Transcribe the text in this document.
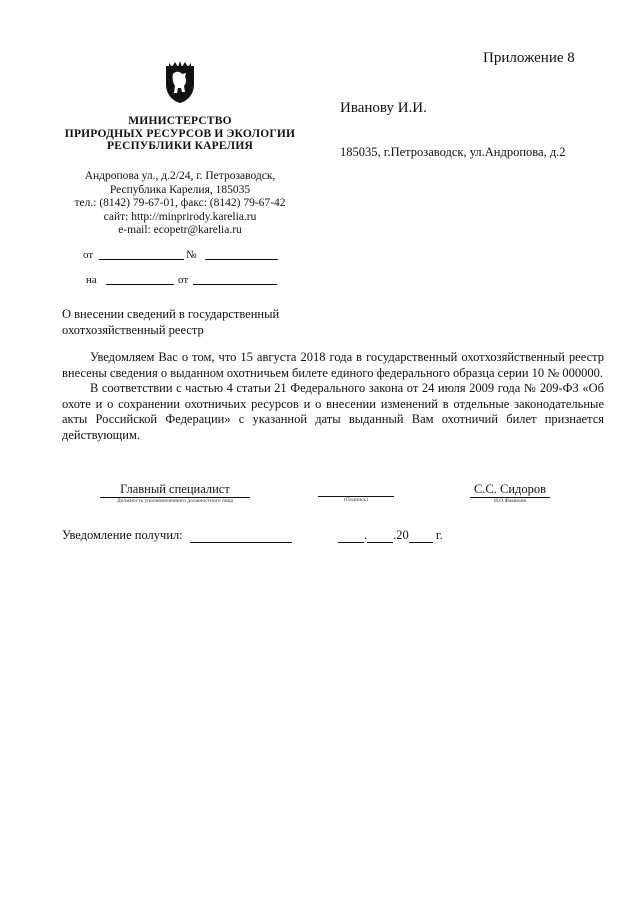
Приложение 8
МИНИСТЕРСТВО
ПРИРОДНЫХ РЕСУРСОВ И ЭКОЛОГИИ
РЕСПУБЛИКИ КАРЕЛИЯ
Андропова ул., д.2/24, г. Петрозаводск,
Республика Карелия, 185035
тел.: (8142) 79-67-01, факс: (8142) 79-67-42
сайт: http://minprirody.karelia.ru
e-mail: ecopetr@karelia.ru
от	№
на	от
Иванову И.И.
185035, г.Петрозаводск, ул.Андропова, д.2
О внесении сведений в государственный
охотхозяйственный реестр

Уведомляем Вас о том, что 15 августа 2018 года в государственный охотхозяйственный реестр внесены сведения о выданном охотничьем билете единого федерального образца серии 10 № 000000.

В соответствии с частью 4 статьи 21 Федерального закона от 24 июля 2009 года № 209-ФЗ «Об охоте и о сохранении охотничьих ресурсов и о внесении изменений в отдельные законодательные акты Российской Федерации» с указанной даты выданный Вам охотничий билет признается действующим.

Главный специалист
Должность уполномоченного должностного лица	(Подпись)
С.С. Сидоров
И.О.Фамилия
Уведомление получил:	. .20 г.
